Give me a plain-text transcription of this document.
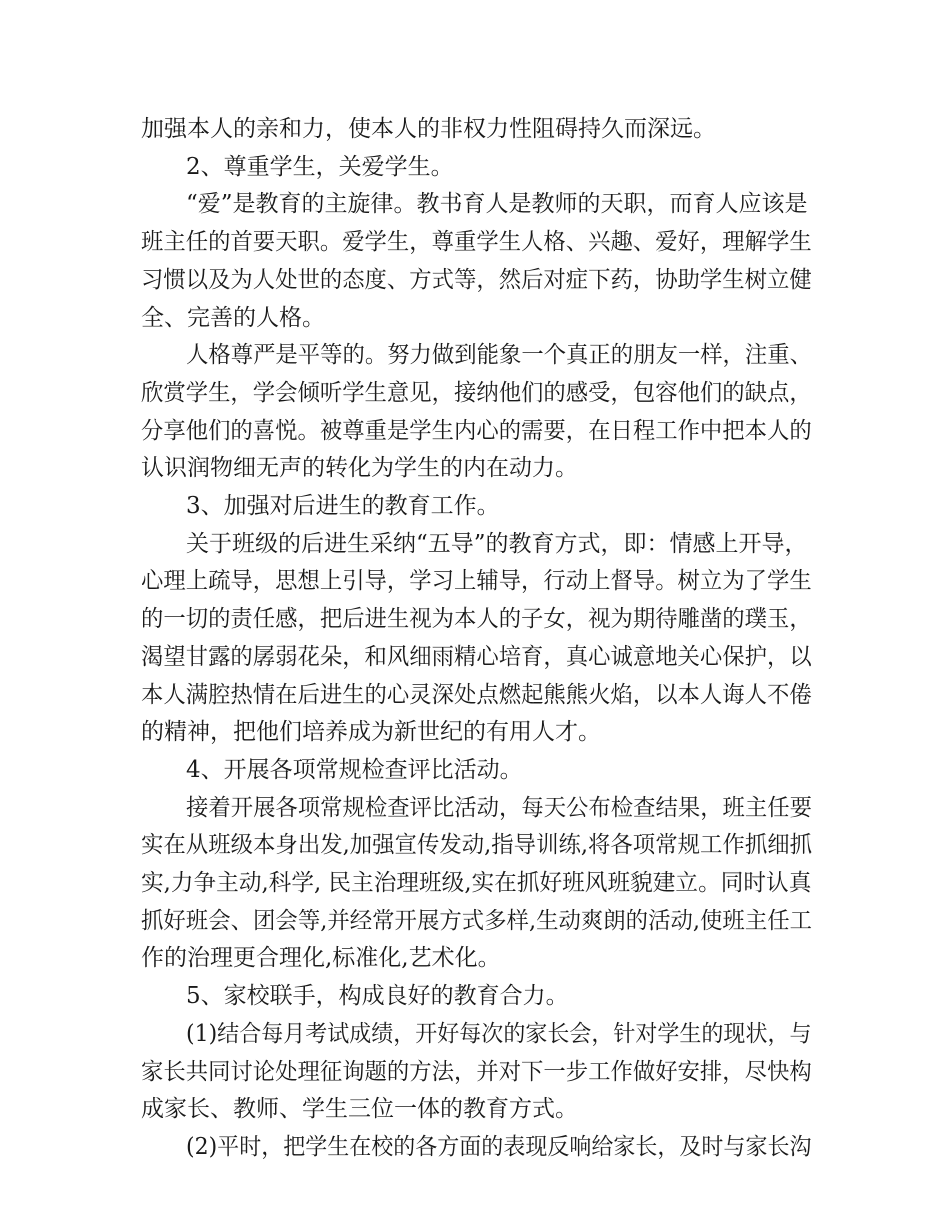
加强本人的亲和力，使本人的非权力性阻碍持久而深远。

2、尊重学生，关爱学生。

“爱”是教育的主旋律。教书育人是教师的天职，而育人应该是

班主任的首要天职。爱学生，尊重学生人格、兴趣、爱好，理解学生

习惯以及为人处世的态度、方式等，然后对症下药，协助学生树立健

全、完善的人格。

人格尊严是平等的。努力做到能象一个真正的朋友一样，注重、

欣赏学生，学会倾听学生意见，接纳他们的感受，包容他们的缺点，

分享他们的喜悦。被尊重是学生内心的需要，在日程工作中把本人的

认识润物细无声的转化为学生的内在动力。

3、加强对后进生的教育工作。

关于班级的后进生采纳“五导”的教育方式，即：情感上开导，

心理上疏导，思想上引导，学习上辅导，行动上督导。树立为了学生

的一切的责任感，把后进生视为本人的子女，视为期待雕凿的璞玉，

渴望甘露的孱弱花朵，和风细雨精心培育，真心诚意地关心保护，以

本人满腔热情在后进生的心灵深处点燃起熊熊火焰，以本人诲人不倦

的精神，把他们培养成为新世纪的有用人才。

4、开展各项常规检查评比活动。

接着开展各项常规检查评比活动，每天公布检查结果，班主任要

实在从班级本身出发,加强宣传发动,指导训练,将各项常规工作抓细抓

实,力争主动,科学, 民主治理班级,实在抓好班风班貌建立。同时认真

抓好班会、团会等,并经常开展方式多样,生动爽朗的活动,使班主任工

作的治理更合理化,标准化,艺术化。

5、家校联手，构成良好的教育合力。

(1)结合每月考试成绩，开好每次的家长会，针对学生的现状，与

家长共同讨论处理征询题的方法，并对下一步工作做好安排，尽快构

成家长、教师、学生三位一体的教育方式。

(2)平时，把学生在校的各方面的表现反响给家长，及时与家长沟
